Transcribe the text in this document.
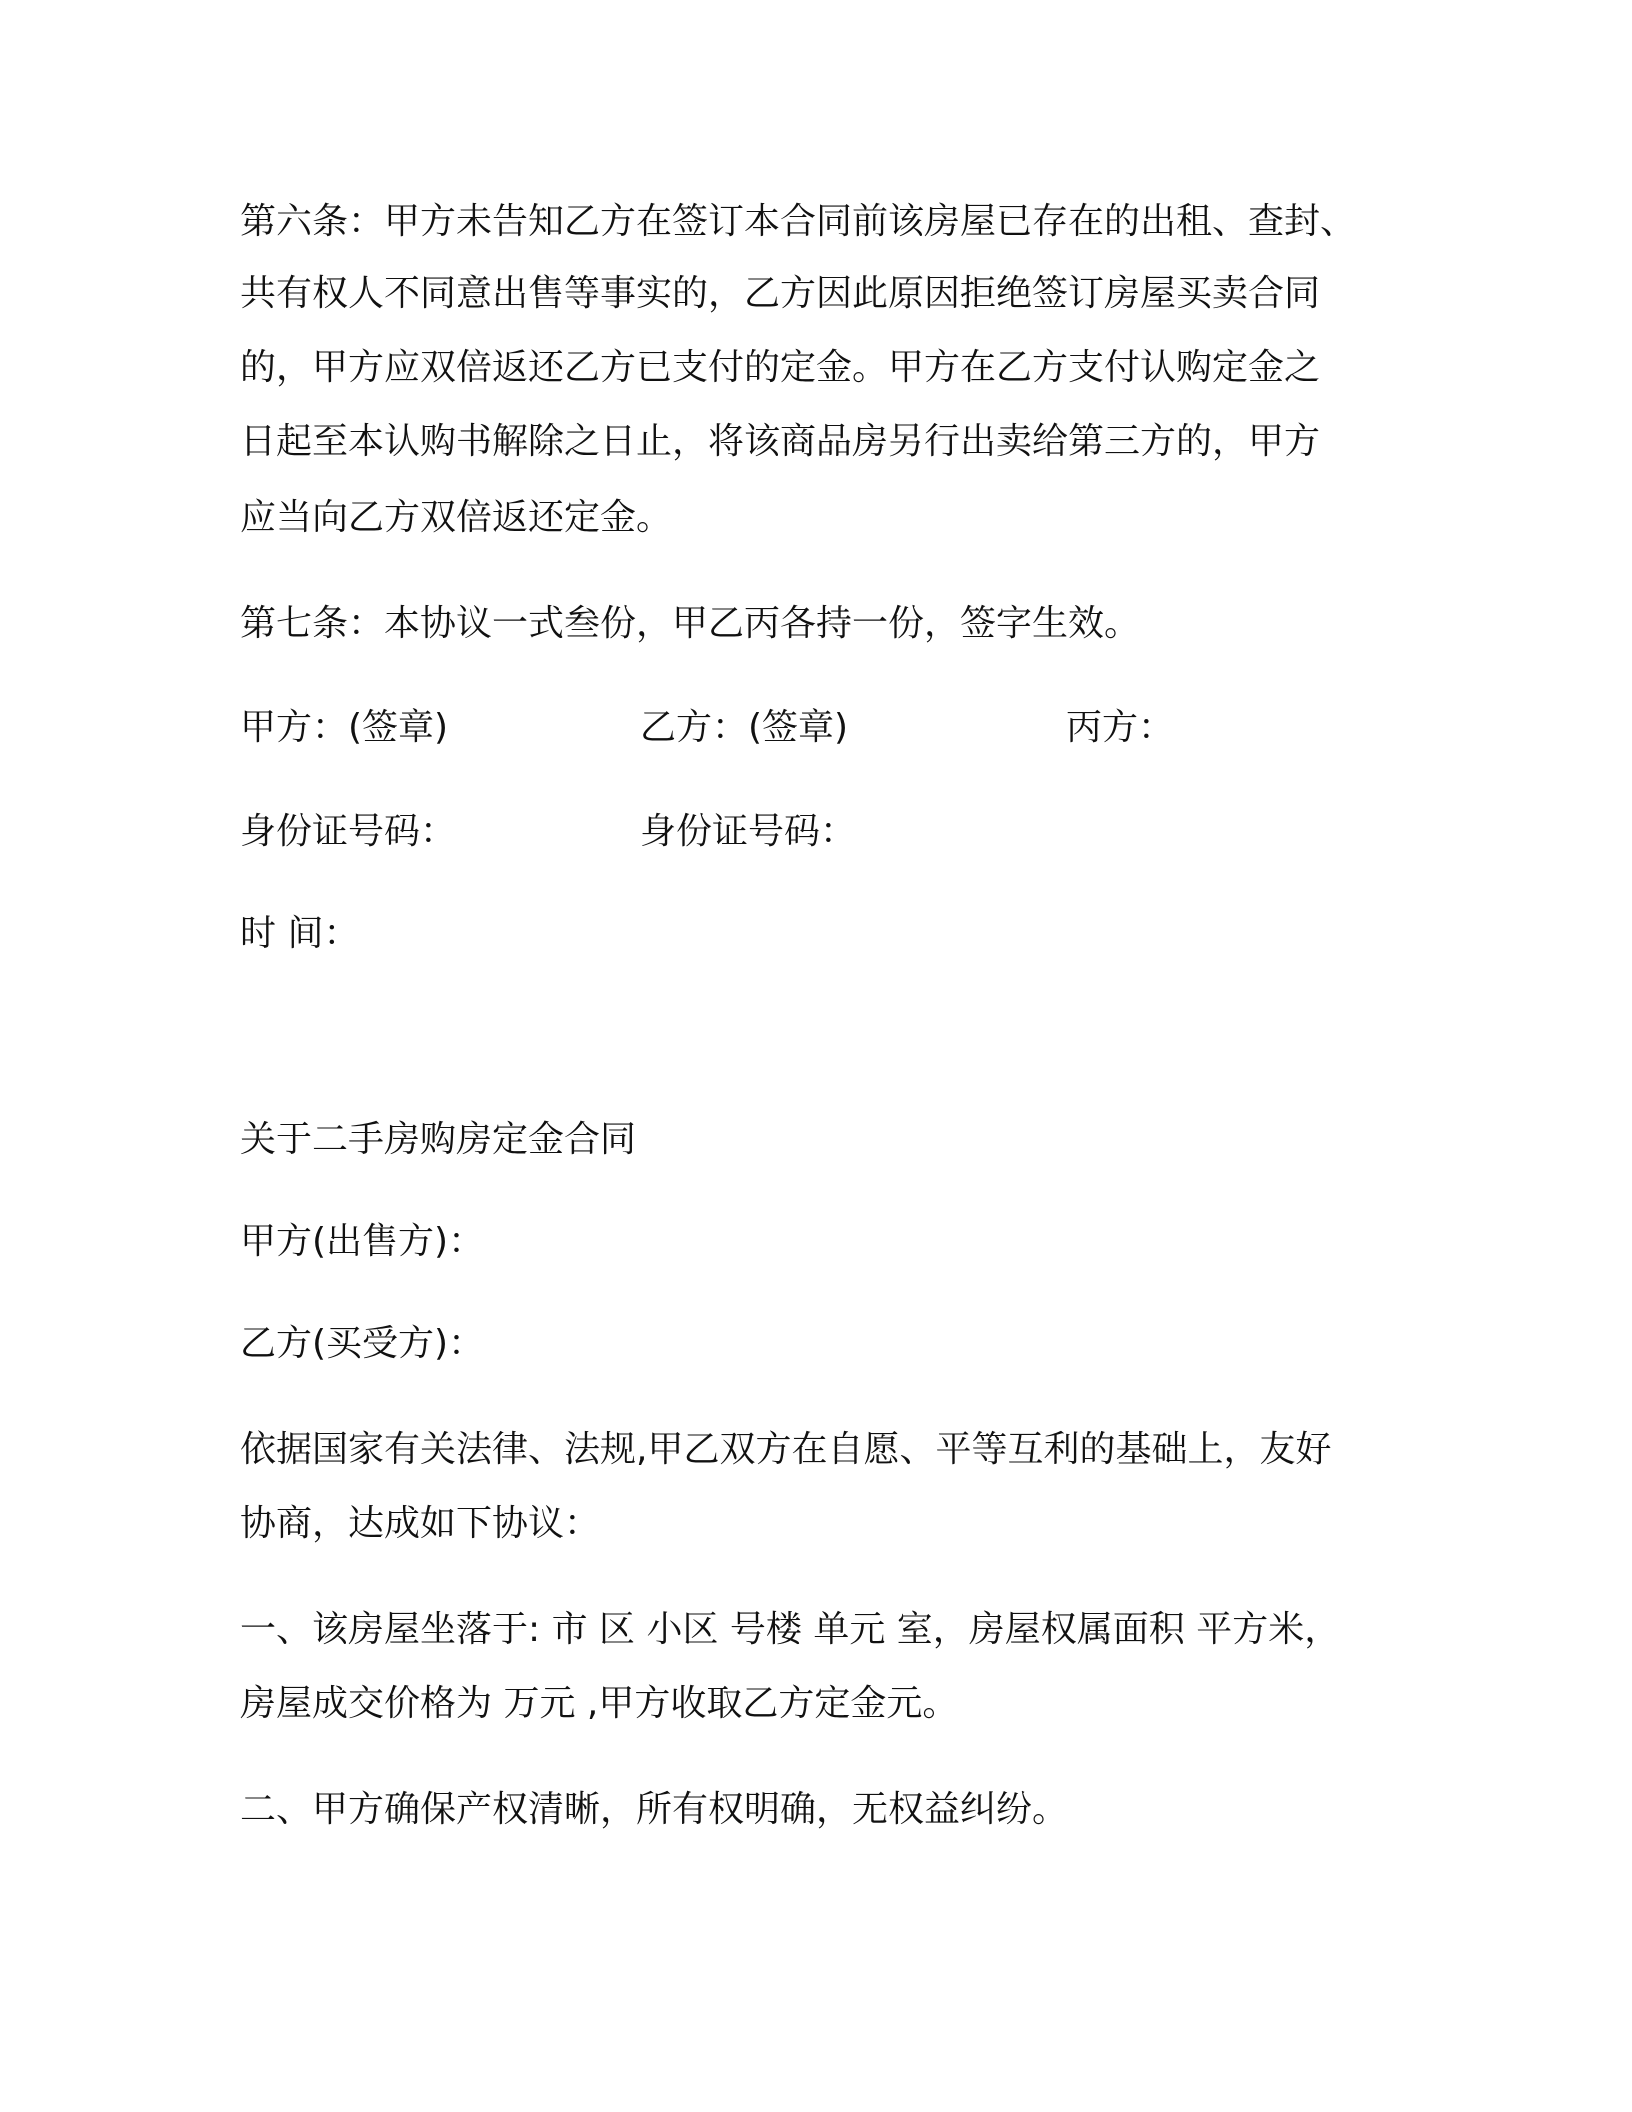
第六条：甲方未告知乙方在签订本合同前该房屋已存在的出租、查封、
共有权人不同意出售等事实的，乙方因此原因拒绝签订房屋买卖合同
的，甲方应双倍返还乙方已支付的定金。甲方在乙方支付认购定金之
日起至本认购书解除之日止，将该商品房另行出卖给第三方的，甲方
应当向乙方双倍返还定金。
第七条：本协议一式叁份，甲乙丙各持一份，签字生效。
甲方：(签章)	乙方：(签章)	丙方：
身份证号码：	身份证号码：
时 间：
关于二手房购房定金合同
甲方(出售方)：
乙方(买受方)：
依据国家有关法律、法规,甲乙双方在自愿、平等互利的基础上，友好
协商，达成如下协议：
一、该房屋坐落于: 市 区 小区 号楼 单元 室，房屋权属面积 平方米，
房屋成交价格为 万元 ,甲方收取乙方定金元。
二、甲方确保产权清晰，所有权明确，无权益纠纷。
